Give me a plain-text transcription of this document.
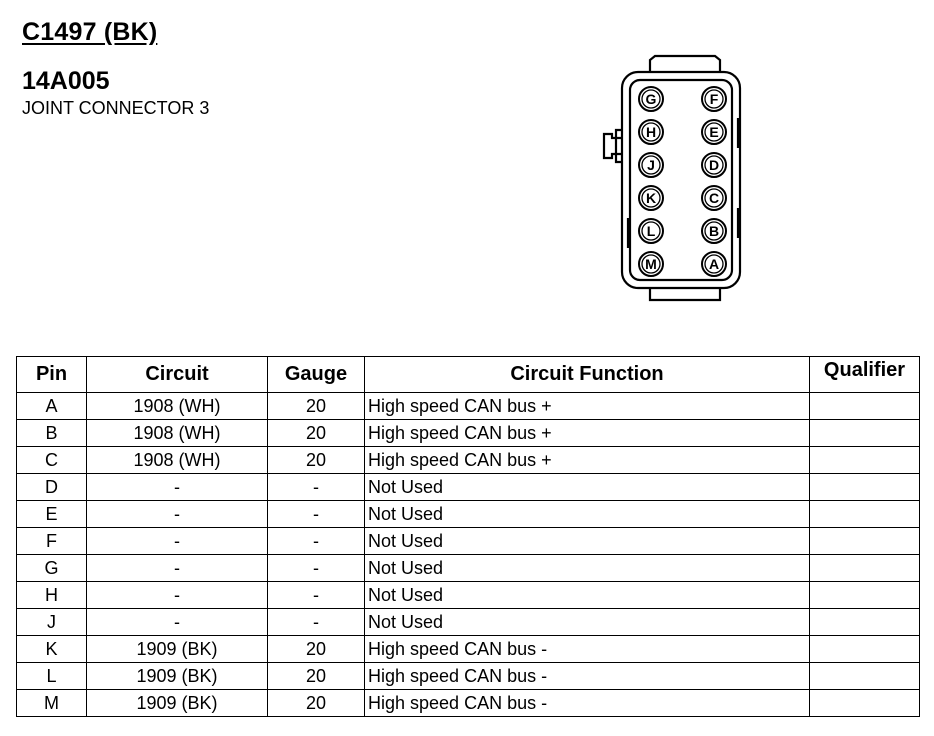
C1497 (BK)
14A005
JOINT CONNECTOR 3	G
H
J
K
L
M
F
E
D
C
B
A
Pin	Circuit	Gauge	Circuit Function	Qualifier
A	1908 (WH)	20	High speed CAN bus +	
B	1908 (WH)	20	High speed CAN bus +	
C	1908 (WH)	20	High speed CAN bus +	
D	-	-	Not Used	
E	-	-	Not Used	
F	-	-	Not Used	
G	-	-	Not Used	
H	-	-	Not Used	
J	-	-	Not Used	
K	1909 (BK)	20	High speed CAN bus -	
L	1909 (BK)	20	High speed CAN bus -	
M	1909 (BK)	20	High speed CAN bus -	
